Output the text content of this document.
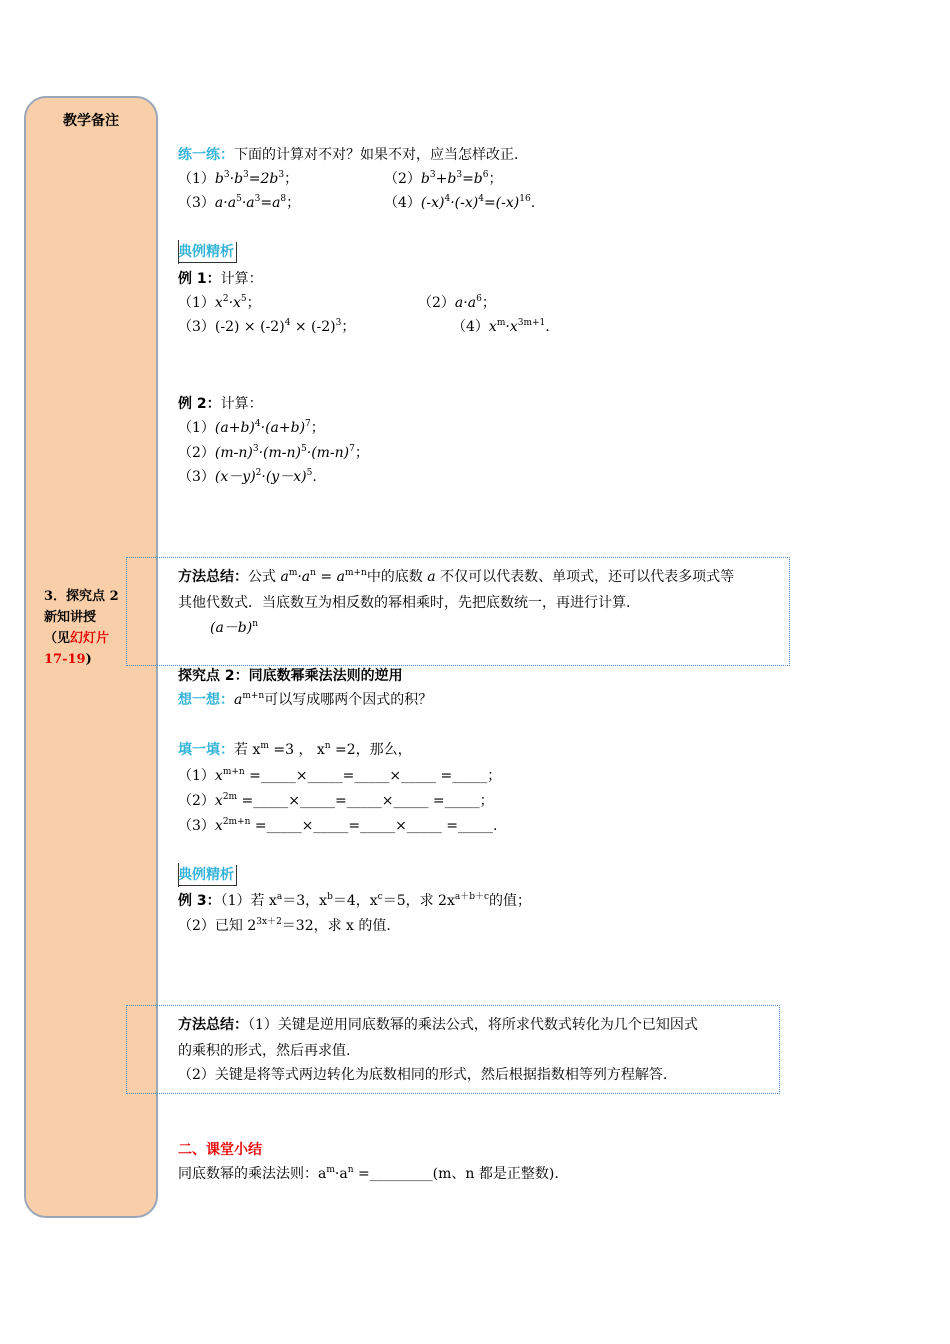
教学备注
3．探究点 2
新知讲授
（见幻灯片
17-19)
练一练：下面的计算对不对？如果不对，应当怎样改正．
$(1)b^3\cdot b^3=2b^3$；	$(2)b^3+b^3=b^6$；
$(3)a\cdot a^5\cdot a^3=a^8$；	$(4)(-x)^4\cdot(-x)^4=(-x)^{16}$.
典例精析
例 1：计算：
$(1)x^2\cdot x^5$；	$(2)a\cdot a^6$；
$(3)(-2) \times (-2)^4 \times (-2)^3$；	$(4)x^m\cdot x^{3m+1}$.
例 2：计算：
$(1)(a+b)^4\cdot(a+b)^7$；
$(2)(m-n)^3\cdot(m-n)^5\cdot(m-n)^7$；
$(3)(x-y)^2\cdot(y-x)^5$.
方法总结：公式 $a^m\cdot a^n = a^{m+n}$中的底数 a 不仅可以代表数、单项式，还可以代表多项式等
其他代数式．当底数互为相反数的幂相乘时，先把底数统一，再进行计算．
$(a-b)^n$
探究点 2：同底数幂乘法法则的逆用
想一想：$a^{m+n}$可以写成哪两个因式的积？
填一填：若 $x^m =3$ ， $x^n =2$，那么，
$(1)x^{m+n}$ =_____×_____=_____×_____ =_____；
$(2)x^{2m}$ =_____×_____=_____×_____ =_____；
$(3)x^{2m+n}$ =_____×_____=_____×_____ =_____.
典例精析
例 3：（1）若 $x^a=3$，$x^b=4$，$x^c=5$，求 $2x^{a+b+c}$的值；
（2）已知 $2^{3x+2}=32$，求 x 的值.
方法总结：（1）关键是逆用同底数幂的乘法公式，将所求代数式转化为几个已知因式
的乘积的形式，然后再求值.
（2）关键是将等式两边转化为底数相同的形式，然后根据指数相等列方程解答.
二、课堂小结
同底数幂的乘法法则：$a^m\cdot a^n$ =_________(m、n 都是正整数).
